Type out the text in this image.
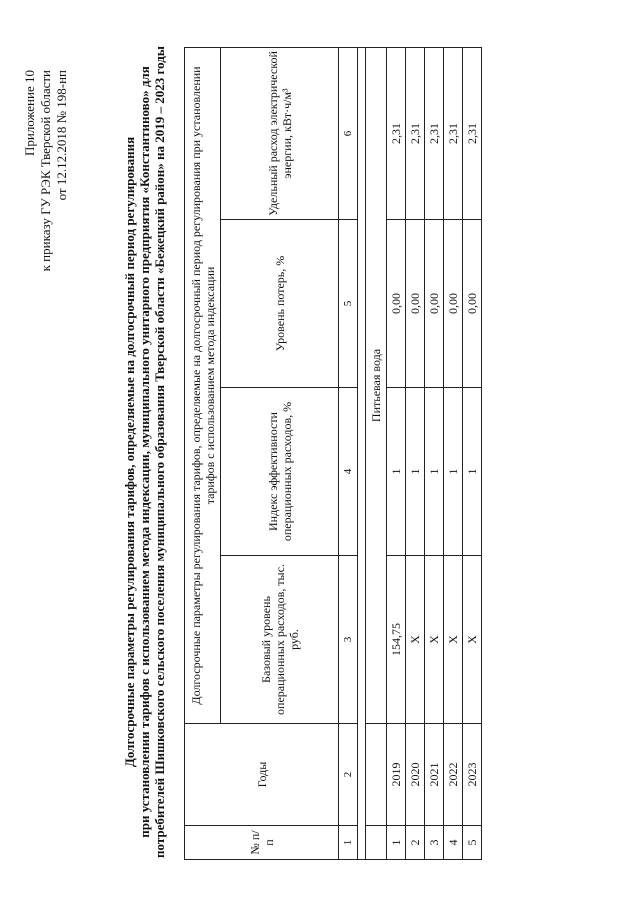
Приложение 10 к приказу ГУ РЭК Тверской области от 12.12.2018 № 198-нп
Долгосрочные параметры регулирования тарифов, определяемые на долгосрочный период регулирования при установлении тарифов с использованием метода индексации, муниципального унитарного предприятия «Константиново» для потребителей Шишковского сельского поселения муниципального образования Тверской области «Бежецкий район» на 2019 – 2023 годы	№ п/п	Годы	Долгосрочные параметры регулирования тарифов, определяемые на долгосрочный период регулирования при установлении тарифов с использованием метода индексации			
		Базовый уровень операционных расходов, тыс. руб.	Индекс эффективности операционных расходов, %	Уровень потерь, %	Удельный расход электрической энергии, кВт·ч/м³
1	2	3	4	5	6

		Питьевая вода			
1	2019	154,75	1	0,00	2,31
2	2020	X	1	0,00	2,31
3	2021	X	1	0,00	2,31
4	2022	X	1	0,00	2,31
5	2023	X	1	0,00	2,31
